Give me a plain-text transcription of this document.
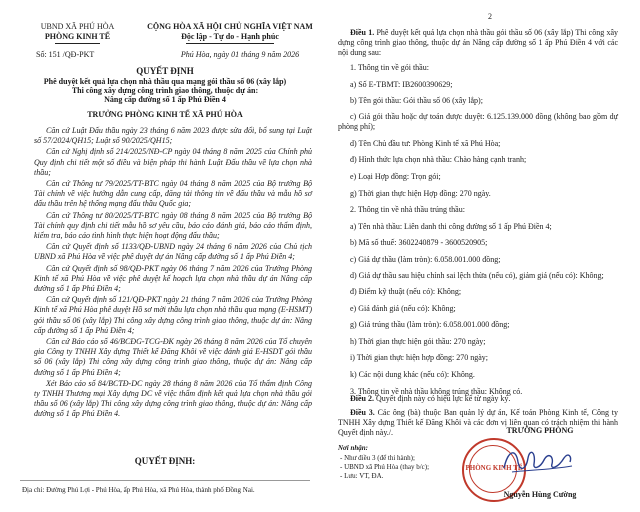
UBND XÃ PHÚ HÒA
PHÒNG KINH TẾ
Số: 151 /QĐ-PKT
CỘNG HÒA XÃ HỘI CHỦ NGHĨA VIỆT NAM
Độc lập - Tự do - Hạnh phúc
Phú Hòa, ngày 01 tháng 9 năm 2026
QUYẾT ĐỊNH
Phê duyệt kết quả lựa chọn nhà thầu qua mạng gói thầu số 06 (xây lắp)
Thi công xây dựng công trình giao thông, thuộc dự án:
Nâng cấp đường số 1 ấp Phú Điền 4
TRƯỞNG PHÒNG KINH TẾ XÃ PHÚ HÒA
Căn cứ Luật Đấu thầu ngày 23 tháng 6 năm 2023 được sửa đổi, bổ sung tại Luật số 57/2024/QH15; Luật số 90/2025/QH15;
Căn cứ Nghị định số 214/2025/NĐ-CP ngày 04 tháng 8 năm 2025 của Chính phủ Quy định chi tiết một số điều và biện pháp thi hành Luật Đấu thầu về lựa chọn nhà thầu;
Căn cứ Thông tư 79/2025/TT-BTC ngày 04 tháng 8 năm 2025 của Bộ trưởng Bộ Tài chính về việc hướng dẫn cung cấp, đăng tải thông tin về đấu thầu và mẫu hồ sơ đấu thầu trên hệ thống mạng đấu thầu Quốc gia;
Căn cứ Thông tư 80/2025/TT-BTC ngày 08 tháng 8 năm 2025 của Bộ trưởng Bộ Tài chính quy định chi tiết mẫu hồ sơ yêu cầu, báo cáo đánh giá, báo cáo thẩm định, kiểm tra, báo cáo tình hình thực hiện hoạt động đấu thầu;
Căn cứ Quyết định số 1133/QĐ-UBND ngày 24 tháng 6 năm 2026 của Chủ tịch UBND xã Phú Hòa về việc phê duyệt dự án Nâng cấp đường số 1 ấp Phú Điền 4;
Căn cứ Quyết định số 98/QĐ-PKT ngày 06 tháng 7 năm 2026 của Trưởng Phòng Kinh tế xã Phú Hòa về việc phê duyệt kế hoạch lựa chọn nhà thầu dự án Nâng cấp đường số 1 ấp Phú Điền 4;
Căn cứ Quyết định số 121/QĐ-PKT ngày 21 tháng 7 năm 2026 của Trưởng Phòng Kinh tế xã Phú Hòa phê duyệt Hồ sơ mời thầu lựa chọn nhà thầu qua mạng (E-HSMT) gói thầu số 06 (xây lắp) Thi công xây dựng công trình giao thông, thuộc dự án: Nâng cấp đường số 1 ấp Phú Điền 4;
Căn cứ Báo cáo số 46/BCĐG-TCG-ĐK ngày 26 tháng 8 năm 2026 của Tổ chuyên gia Công ty TNHH Xây dựng Thiết kế Đăng Khôi về việc đánh giá E-HSDT gói thầu số 06 (xây lắp) Thi công xây dựng công trình giao thông, thuộc dự án: Nâng cấp đường số 1 ấp Phú Điền 4;
Xét Báo cáo số 84/BCTĐ-DC ngày 28 tháng 8 năm 2026 của Tổ thẩm định Công ty TNHH Thương mại Xây dựng DC về việc thẩm định kết quả lựa chọn nhà thầu gói thầu số 06 (xây lắp) Thi công xây dựng công trình giao thông, thuộc dự án: Nâng cấp đường số 1 ấp Phú Điền 4.
QUYẾT ĐỊNH:
Địa chỉ: Đường Phú Lợi - Phú Hòa, ấp Phú Hòa, xã Phú Hòa, thành phố Đồng Nai.
2
Điều 1. Phê duyệt kết quả lựa chọn nhà thầu gói thầu số 06 (xây lắp) Thi công xây dựng công trình giao thông, thuộc dự án Nâng cấp đường số 1 ấp Phú Điền 4 với các nội dung sau:
1. Thông tin về gói thầu:
a) Số E-TBMT: IB2600390629;
b) Tên gói thầu: Gói thầu số 06 (xây lắp);
c) Giá gói thầu hoặc dự toán được duyệt: 6.125.139.000 đồng (không bao gồm dự phòng phí);
d) Tên Chủ đầu tư: Phòng Kinh tế xã Phú Hòa;
đ) Hình thức lựa chọn nhà thầu: Chào hàng cạnh tranh;
e) Loại Hợp đồng: Trọn gói;
g) Thời gian thực hiện Hợp đồng: 270 ngày.
2. Thông tin về nhà thầu trúng thầu:
a) Tên nhà thầu: Liên danh thi công đường số 1 ấp Phú Điền 4;
b) Mã số thuế: 3602240879 - 3600520905;
c) Giá dự thầu (làm tròn): 6.058.001.000 đồng;
d) Giá dự thầu sau hiệu chỉnh sai lệch thừa (nếu có), giảm giá (nếu có): Không;
đ) Điểm kỹ thuật (nếu có): Không;
e) Giá đánh giá (nếu có): Không;
g) Giá trúng thầu (làm tròn): 6.058.001.000 đồng;
h) Thời gian thực hiện gói thầu: 270 ngày;
i) Thời gian thực hiện hợp đồng: 270 ngày;
k) Các nội dung khác (nếu có): Không.
3. Thông tin về nhà thầu không trúng thầu: Không có.
Điều 2. Quyết định này có hiệu lực kể từ ngày ký.
Điều 3. Các ông (bà) thuộc Ban quản lý dự án, Kế toán Phòng Kinh tế, Công ty TNHH Xây dựng Thiết kế Đăng Khôi và các đơn vị liên quan có trách nhiệm thi hành Quyết định này./.
Nơi nhận:
- Như điều 3 (để thi hành);
- UBND xã Phú Hòa (thay b/c);
- Lưu: VT, ĐA.
PHÒNG KINH TẾ
TRƯỞNG PHÒNG
Nguyễn Hùng Cường
